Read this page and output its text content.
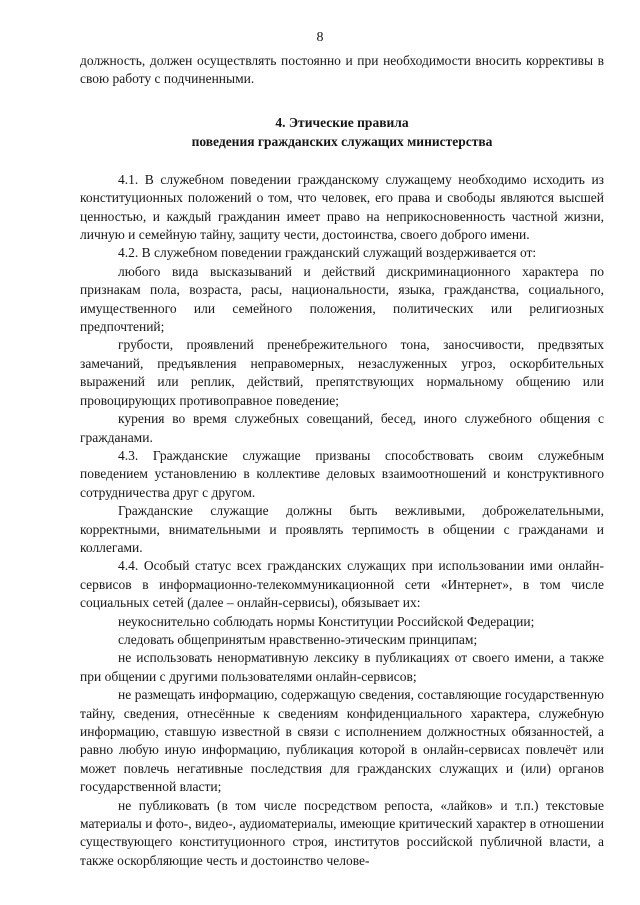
8

должность, должен осуществлять постоянно и при необходимости вносить коррективы в свою работу с подчиненными.

4. Этические правила
поведения гражданских служащих министерства

4.1. В служебном поведении гражданскому служащему необходимо исходить из конституционных положений о том, что человек, его права и свободы являются высшей ценностью, и каждый гражданин имеет право на неприкосновенность частной жизни, личную и семейную тайну, защиту чести, достоинства, своего доброго имени.

4.2. В служебном поведении гражданский служащий воздерживается от:

любого вида высказываний и действий дискриминационного характера по признакам пола, возраста, расы, национальности, языка, гражданства, социального, имущественного или семейного положения, политических или религиозных предпочтений;

грубости, проявлений пренебрежительного тона, заносчивости, предвзятых замечаний, предъявления неправомерных, незаслуженных угроз, оскорбительных выражений или реплик, действий, препятствующих нормальному общению или провоцирующих противоправное поведение;

курения во время служебных совещаний, бесед, иного служебного общения с гражданами.

4.3. Гражданские служащие призваны способствовать своим служебным поведением установлению в коллективе деловых взаимоотношений и конструктивного сотрудничества друг с другом.

Гражданские служащие должны быть вежливыми, доброжелательными, корректными, внимательными и проявлять терпимость в общении с гражданами и коллегами.

4.4. Особый статус всех гражданских служащих при использовании ими онлайн-сервисов в информационно-телекоммуникационной сети «Интернет», в том числе социальных сетей (далее – онлайн-сервисы), обязывает их:

неукоснительно соблюдать нормы Конституции Российской Федерации;

следовать общепринятым нравственно-этическим принципам;

не использовать ненормативную лексику в публикациях от своего имени, а также при общении с другими пользователями онлайн-сервисов;

не размещать информацию, содержащую сведения, составляющие государственную тайну, сведения, отнесённые к сведениям конфиденциального характера, служебную информацию, ставшую известной в связи с исполнением должностных обязанностей, а равно любую иную информацию, публикация которой в онлайн-сервисах повлечёт или может повлечь негативные последствия для гражданских служащих и (или) органов государственной власти;

не публиковать (в том числе посредством репоста, «лайков» и т.п.) текстовые материалы и фото-, видео-, аудиоматериалы, имеющие критический характер в отношении существующего конституционного строя, институтов российской публичной власти, а также оскорбляющие честь и достоинство челове-
